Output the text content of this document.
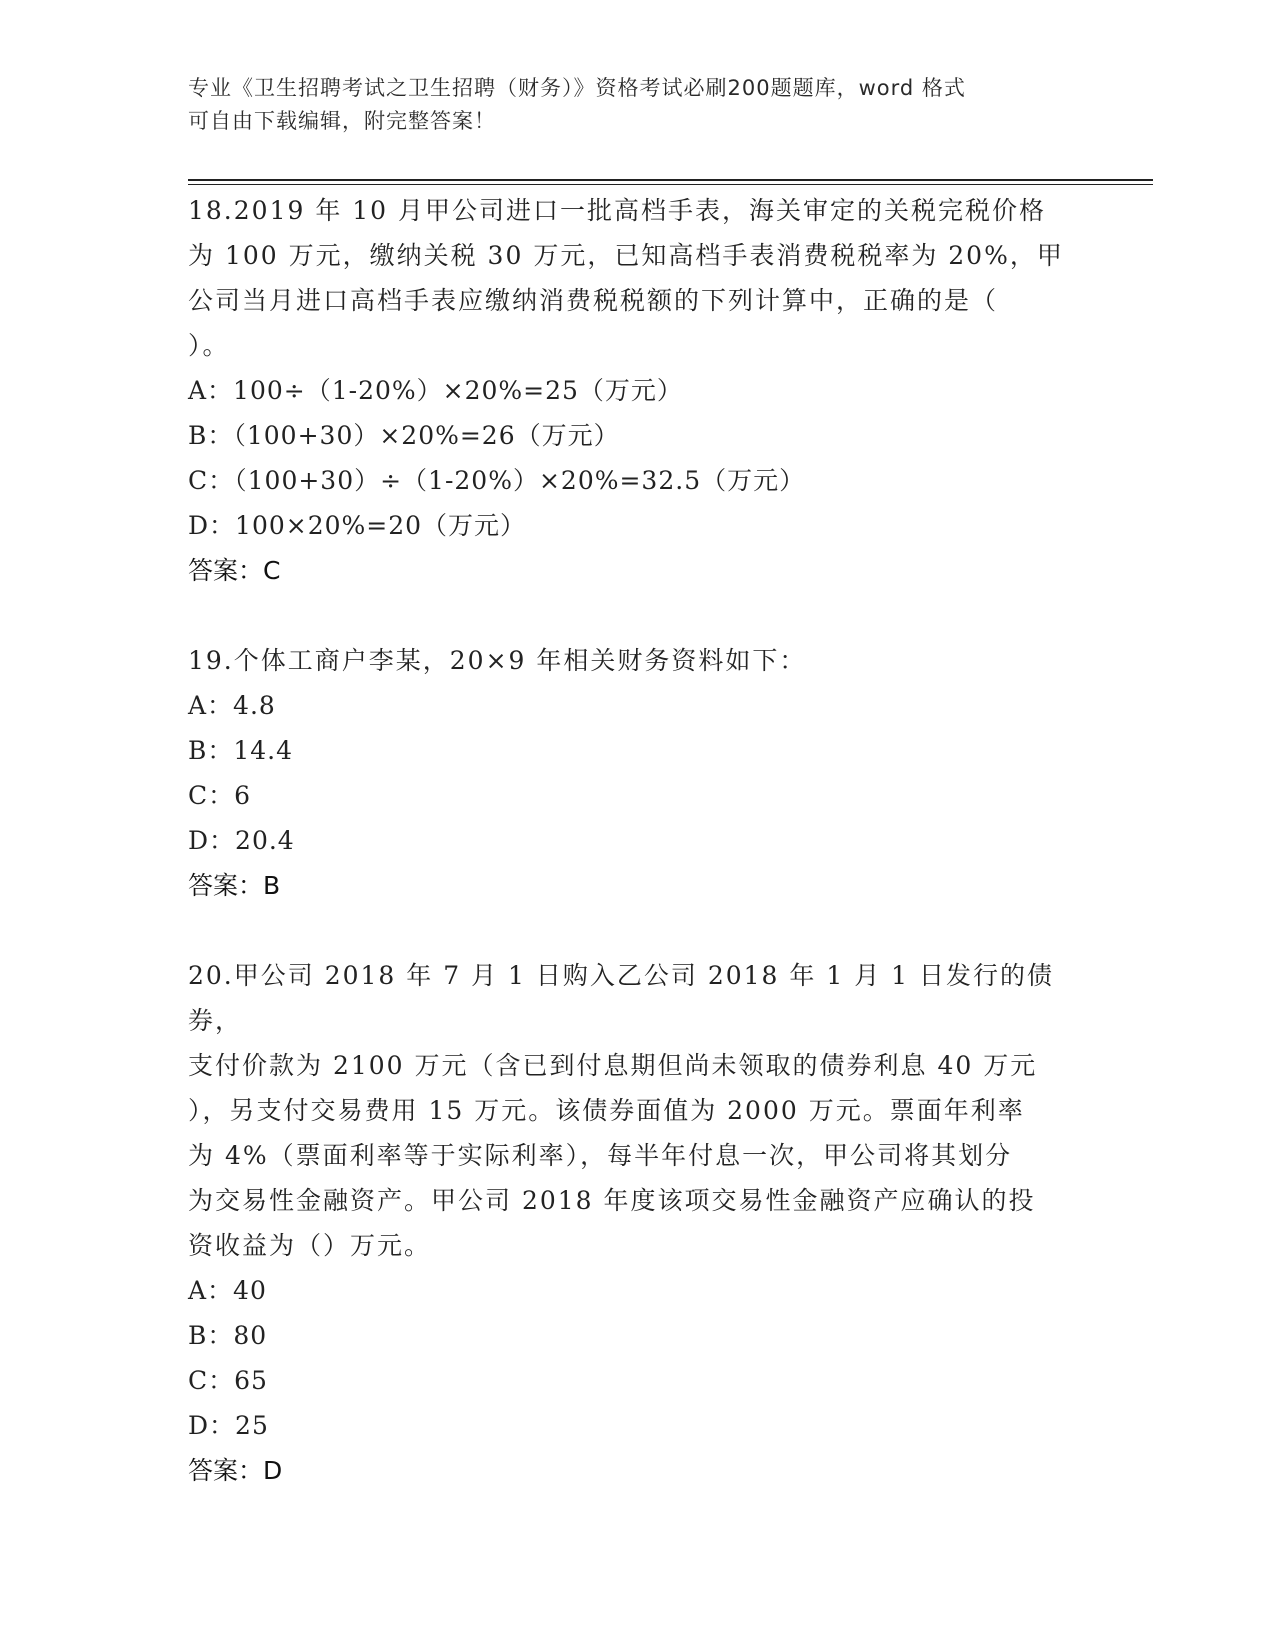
专业《卫生招聘考试之卫生招聘（财务）》资格考试必刷200题题库，word 格式
可自由下载编辑，附完整答案！

18.2019 年 10 月甲公司进口一批高档手表，海关审定的关税完税价格

为 100 万元，缴纳关税 30 万元，已知高档手表消费税税率为 20%，甲

公司当月进口高档手表应缴纳消费税税额的下列计算中，正确的是（

）。

A：100÷（1-20%）×20%=25（万元）

B：（100+30）×20%=26（万元）

C：（100+30）÷（1-20%）×20%=32.5（万元）

D：100×20%=20（万元）

答案：C

19.个体工商户李某，20×9 年相关财务资料如下：

A：4.8

B：14.4

C：6

D：20.4

答案：B

20.甲公司 2018 年 7 月 1 日购入乙公司 2018 年 1 月 1 日发行的债券，

支付价款为 2100 万元（含已到付息期但尚未领取的债券利息 40 万元

），另支付交易费用 15 万元。该债券面值为 2000 万元。票面年利率

为 4%（票面利率等于实际利率），每半年付息一次，甲公司将其划分

为交易性金融资产。甲公司 2018 年度该项交易性金融资产应确认的投

资收益为（）万元。

A：40

B：80

C：65

D：25

答案：D
